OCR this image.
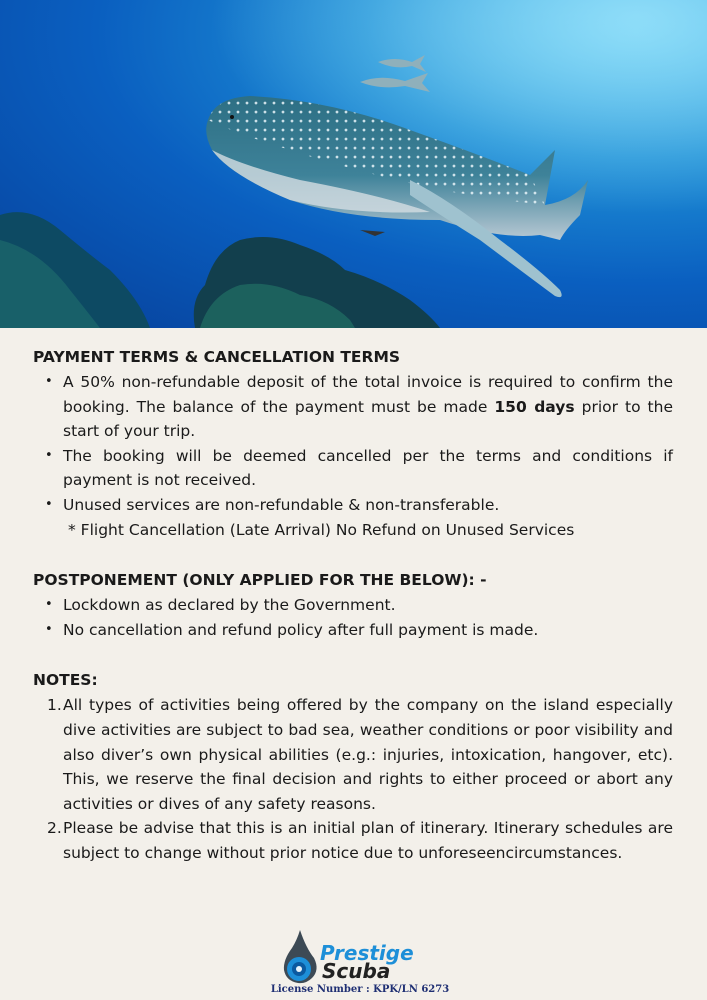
PAYMENT TERMS & CANCELLATION TERMS
• A 50% non-refundable deposit of the total invoice is required to confirm the booking. The balance of the payment must be made 150 days prior to the start of your trip.
• The booking will be deemed cancelled per the terms and conditions if payment is not received.
• Unused services are non-refundable & non-transferable.
* Flight Cancellation (Late Arrival) No Refund on Unused Services
POSTPONEMENT (ONLY APPLIED FOR THE BELOW): -
• Lockdown as declared by the Government.
• No cancellation and refund policy after full payment is made.
NOTES:
1. All types of activities being offered by the company on the island especially dive activities are subject to bad sea, weather conditions or poor visibility and also diver’s own physical abilities (e.g.: injuries, intoxication, hangover, etc). This, we reserve the final decision and rights to either proceed or abort any activities or dives of any safety reasons.
2. Please be advise that this is an initial plan of itinerary. Itinerary schedules are subject to change without prior notice due to unforeseencircumstances.
Prestige
Scuba
License Number : KPK/LN 6273
